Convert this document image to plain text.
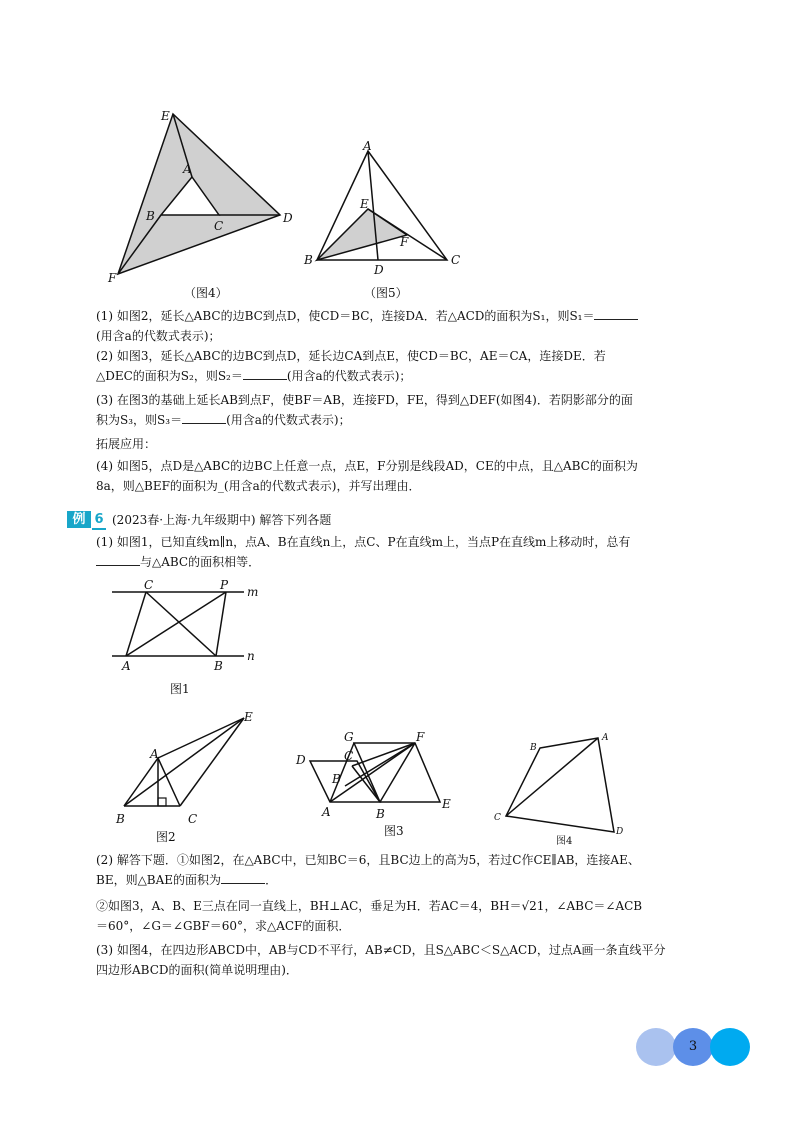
E
A
B
C
D
F
（图4）
A
E
F
B
D
C
（图5）
(1) 如图2，延长△ABC的边BC到点D，使CD＝BC，连接DA．若△ACD的面积为S₁，则S₁＝
(用含a的代数式表示)；
(2) 如图3，延长△ABC的边BC到点D，延长边CA到点E，使CD＝BC，AE＝CA，连接DE．若
△DEC的面积为S₂，则S₂＝	(用含a的代数式表示)；
(3) 在图3的基础上延长AB到点F，使BF＝AB，连接FD，FE，得到△DEF(如图4)．若阴影部分的面
积为S₃，则S₃＝	(用含a的代数式表示)；
拓展应用：
(4) 如图5，点D是△ABC的边BC上任意一点，点E，F分别是线段AD，CE的中点，且△ABC的面积为
8a，则△BEF的面积为_(用含a的代数式表示)，并写出理由．
例 6 (2023春·上海·九年级期中) 解答下列各题
(1) 如图1，已知直线m∥n，点A、B在直线n上，点C、P在直线m上，当点P在直线m上移动时，总有
与△ABC的面积相等．
C	P m
A	B
n
图1
E
A
B	C
图2
G	F
D	C
B
A	B
E
图3
B
A
C
D
图4
(2) 解答下题．①如图2，在△ABC中，已知BC＝6，且BC边上的高为5，若过C作CE∥AB，连接AE、
BE，则△BAE的面积为	．
②如图3，A、B、E三点在同一直线上，BH⊥AC，垂足为H．若AC＝4，BH＝√21，∠ABC＝∠ACB
＝60°，∠G＝∠GBF＝60°，求△ACF的面积．
(3) 如图4，在四边形ABCD中，AB与CD不平行，AB≠CD，且S△ABC＜S△ACD，过点A画一条直线平分
四边形ABCD的面积(简单说明理由)．
3
